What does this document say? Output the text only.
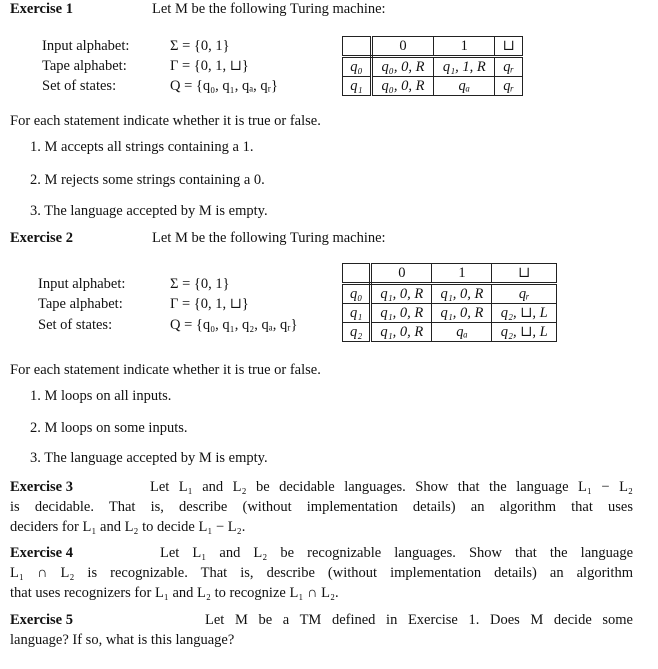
Exercise 1	Let M be the following Turing machine:
Input alphabet:	Σ = {0, 1}
Tape alphabet:	Γ = {0, 1, ⊔}
Set of states:	Q = {q₀, q₁, qₐ, qᵣ}
	0	1	⊔
q₀	q₀, 0, R	q₁, 1, R	qᵣ
q₁	q₀, 0, R	qₐ	qᵣ
For each statement indicate whether it is true or false.
1. M accepts all strings containing a 1.
2. M rejects some strings containing a 0.
3. The language accepted by M is empty.
Exercise 2	Let M be the following Turing machine:
Input alphabet:	Σ = {0, 1}
Tape alphabet:	Γ = {0, 1, ⊔}
Set of states:	Q = {q₀, q₁, q₂, qₐ, qᵣ}
	0	1	⊔
q₀	q₁, 0, R	q₁, 0, R	qᵣ
q₁	q₁, 0, R	q₁, 0, R	q₂, ⊔, L
q₂	q₁, 0, R	qₐ	q₂, ⊔, L
For each statement indicate whether it is true or false.
1. M loops on all inputs.
2. M loops on some inputs.
3. The language accepted by M is empty.
Exercise 3	Let L₁ and L₂ be decidable languages. Show that the language L₁ − L₂
is decidable. That is, describe (without implementation details) an algorithm that uses
deciders for L₁ and L₂ to decide L₁ − L₂.
Exercise 4	Let L₁ and L₂ be recognizable languages. Show that the language
L₁ ∩ L₂ is recognizable. That is, describe (without implementation details) an algorithm
that uses recognizers for L₁ and L₂ to recognize L₁ ∩ L₂.
Exercise 5	Let M be a TM defined in Exercise 1. Does M decide some
language? If so, what is this language?
